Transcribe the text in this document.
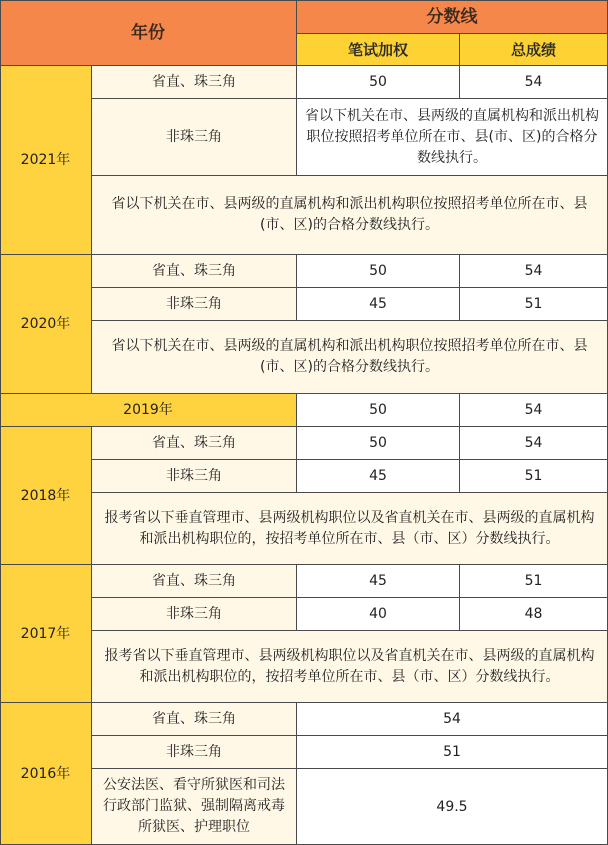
年份
分数线
笔试加权	总成绩
2021年
省直、珠三角	50	54
非珠三角
省以下机关在市、县两级的直属机构和派出机构职位按照招考单位所在市、县(市、区)的合格分数线执行。
省以下机关在市、县两级的直属机构和派出机构职位按照招考单位所在市、县(市、区)的合格分数线执行。
2020年
省直、珠三角	50	54
非珠三角	45	51
省以下机关在市、县两级的直属机构和派出机构职位按照招考单位所在市、县(市、区)的合格分数线执行。
2019年	50	54
2018年
省直、珠三角	50	54
非珠三角	45	51
报考省以下垂直管理市、县两级机构职位以及省直机关在市、县两级的直属机构和派出机构职位的，按招考单位所在市、县（市、区）分数线执行。
2017年
省直、珠三角	45	51
非珠三角	40	48
报考省以下垂直管理市、县两级机构职位以及省直机关在市、县两级的直属机构和派出机构职位的，按招考单位所在市、县（市、区）分数线执行。
2016年
省直、珠三角	54
非珠三角	51
公安法医、看守所狱医和司法行政部门监狱、强制隔离戒毒所狱医、护理职位
49.5
